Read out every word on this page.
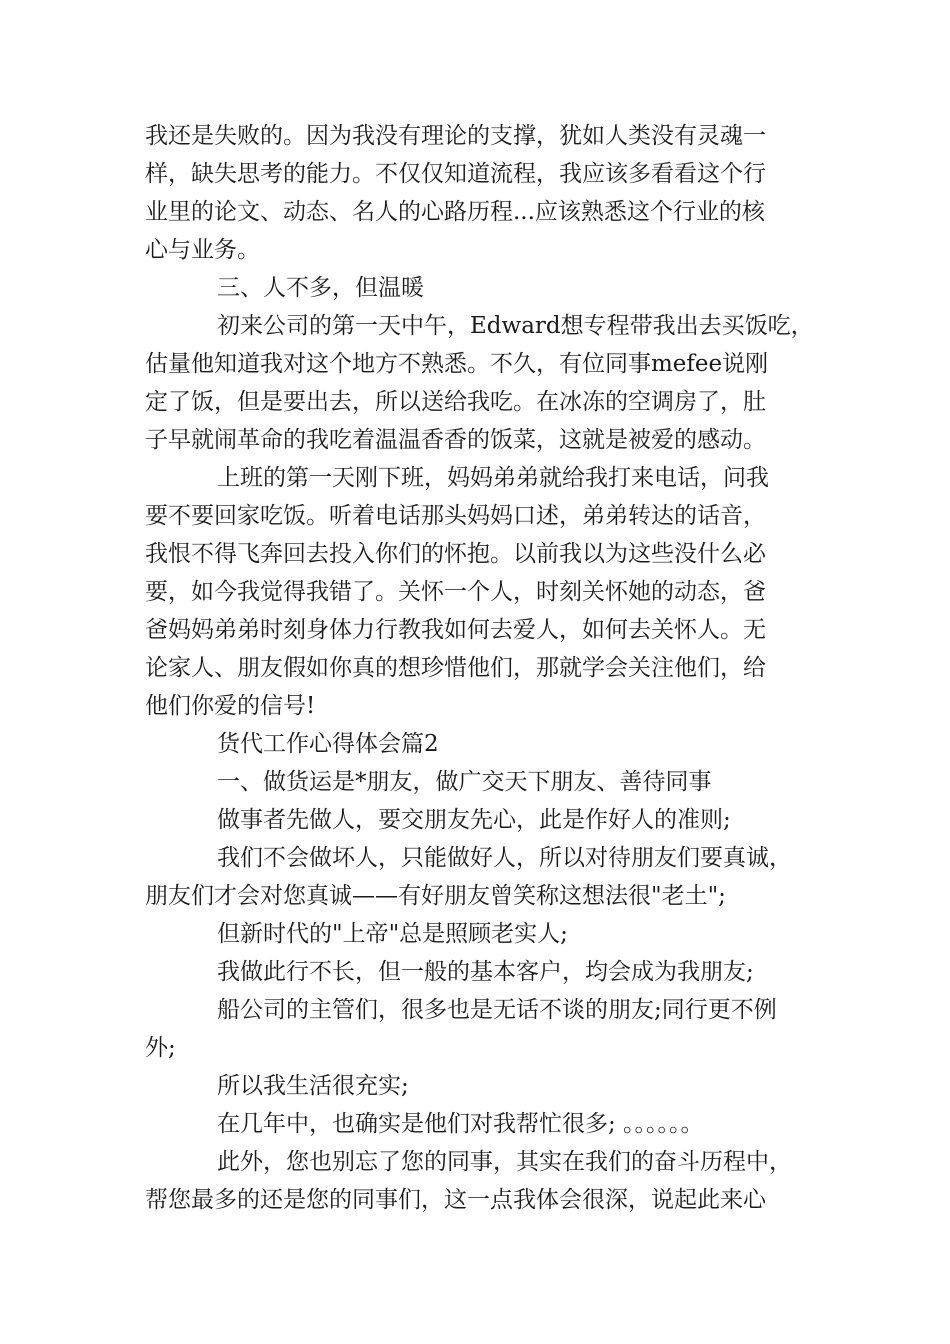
我还是失败的。因为我没有理论的支撑，犹如人类没有灵魂一
样，缺失思考的能力。不仅仅知道流程，我应该多看看这个行
业里的论文、动态、名人的心路历程...应该熟悉这个行业的核
心与业务。
三、人不多，但温暖
初来公司的第一天中午，Edward想专程带我出去买饭吃，
估量他知道我对这个地方不熟悉。不久，有位同事mefee说刚
定了饭，但是要出去，所以送给我吃。在冰冻的空调房了，肚
子早就闹革命的我吃着温温香香的饭菜，这就是被爱的感动。
上班的第一天刚下班，妈妈弟弟就给我打来电话，问我
要不要回家吃饭。听着电话那头妈妈口述，弟弟转达的话音，
我恨不得飞奔回去投入你们的怀抱。以前我以为这些没什么必
要，如今我觉得我错了。关怀一个人，时刻关怀她的动态，爸
爸妈妈弟弟时刻身体力行教我如何去爱人，如何去关怀人。无
论家人、朋友假如你真的想珍惜他们，那就学会关注他们，给
他们你爱的信号!
货代工作心得体会篇2
一、做货运是*朋友，做广交天下朋友、善待同事
做事者先做人，要交朋友先心，此是作好人的准则;
我们不会做坏人，只能做好人，所以对待朋友们要真诚，
朋友们才会对您真诚——有好朋友曾笑称这想法很"老土";
但新时代的"上帝"总是照顾老实人;
我做此行不长，但一般的基本客户，均会成为我朋友;
船公司的主管们，很多也是无话不谈的朋友;同行更不例
外;
所以我生活很充实;
在几年中，也确实是他们对我帮忙很多; 。。。。。。
此外，您也别忘了您的同事，其实在我们的奋斗历程中，
帮您最多的还是您的同事们，这一点我体会很深，说起此来心
